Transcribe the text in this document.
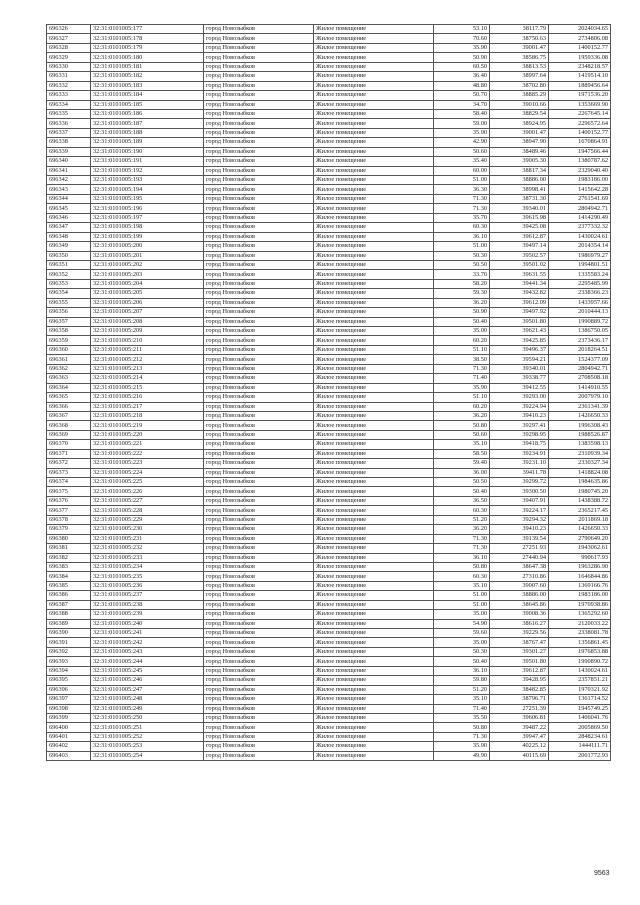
696326	32:31:0101005:177	город Новозыбков	Жилое помещение	53.10	38117.79	2024034.65
696327	32:31:0101005:178	город Новозыбков	Жилое помещение	70.60	38750.63	2734806.08
696328	32:31:0101005:179	город Новозыбков	Жилое помещение	35.90	39001.47	1400152.77
696329	32:31:0101005:180	город Новозыбков	Жилое помещение	50.90	38586.75	1959336.08
696330	32:31:0101005:181	город Новозыбков	Жилое помещение	60.50	38813.53	2348218.57
696331	32:31:0101005:182	город Новозыбков	Жилое помещение	36.40	38997.64	1419514.10
696332	32:31:0101005:183	город Новозыбков	Жилое помещение	48.80	38702.80	1889456.64
696333	32:31:0101005:184	город Новозыбков	Жилое помещение	50.70	38885.29	1971536.20
696334	32:31:0101005:185	город Новозыбков	Жилое помещение	34.70	39010.66	1353669.90
696335	32:31:0101005:186	город Новозыбков	Жилое помещение	58.40	38829.54	2267645.14
696336	32:31:0101005:187	город Новозыбков	Жилое помещение	59.00	38924.95	2296572.64
696337	32:31:0101005:188	город Новозыбков	Жилое помещение	35.90	39001.47	1400152.77
696338	32:31:0101005:189	город Новозыбков	Жилое помещение	42.90	38947.90	1670864.91
696339	32:31:0101005:190	город Новозыбков	Жилое помещение	50.60	38489.46	1947566.44
696340	32:31:0101005:191	город Новозыбков	Жилое помещение	35.40	39005.30	1380787.62
696341	32:31:0101005:192	город Новозыбков	Жилое помещение	60.00	38817.34	2329040.40
696342	32:31:0101005:193	город Новозыбков	Жилое помещение	51.00	38886.00	1983186.00
696343	32:31:0101005:194	город Новозыбков	Жилое помещение	36.30	38998.41	1415642.28
696344	32:31:0101005:195	город Новозыбков	Жилое помещение	71.30	38731.30	2761541.69
696345	32:31:0101005:196	город Новозыбков	Жилое помещение	71.30	39340.01	2804942.71
696346	32:31:0101005:197	город Новозыбков	Жилое помещение	35.70	39615.98	1414290.49
696347	32:31:0101005:198	город Новозыбков	Жилое помещение	60.30	39425.08	2377332.32
696348	32:31:0101005:199	город Новозыбков	Жилое помещение	36.10	39612.87	1430024.61
696349	32:31:0101005:200	город Новозыбков	Жилое помещение	51.00	39497.14	2014354.14
696350	32:31:0101005:201	город Новозыбков	Жилое помещение	50.30	39502.57	1986979.27
696351	32:31:0101005:202	город Новозыбков	Жилое помещение	50.50	39501.02	1994801.51
696352	32:31:0101005:203	город Новозыбков	Жилое помещение	33.70	39631.55	1335583.24
696353	32:31:0101005:204	город Новозыбков	Жилое помещение	58.20	39441.34	2295485.99
696354	32:31:0101005:205	город Новозыбков	Жилое помещение	59.30	39432.82	2338366.23
696355	32:31:0101005:206	город Новозыбков	Жилое помещение	36.20	39612.09	1433957.66
696356	32:31:0101005:207	город Новозыбков	Жилое помещение	50.90	39497.92	2010444.13
696357	32:31:0101005:208	город Новозыбков	Жилое помещение	50.40	39501.80	1990889.72
696358	32:31:0101005:209	город Новозыбков	Жилое помещение	35.00	39621.43	1386750.05
696359	32:31:0101005:210	город Новозыбков	Жилое помещение	60.20	39425.85	2373436.17
696360	32:31:0101005:211	город Новозыбков	Жилое помещение	51.10	39496.37	2018264.51
696361	32:31:0101005:212	город Новозыбков	Жилое помещение	38.50	39594.21	1524377.09
696362	32:31:0101005:213	город Новозыбков	Жилое помещение	71.30	39340.01	2804942.71
696363	32:31:0101005:214	город Новозыбков	Жилое помещение	71.40	39338.77	2708508.18
696364	32:31:0101005:215	город Новозыбков	Жилое помещение	35.90	39412.55	1414910.55
696365	32:31:0101005:216	город Новозыбков	Жилое помещение	51.10	39293.00	2007979.10
696366	32:31:0101005:217	город Новозыбков	Жилое помещение	60.20	39224.94	2361341.39
696367	32:31:0101005:218	город Новозыбков	Жилое помещение	36.20	39410.23	1426650.33
696368	32:31:0101005:219	город Новозыбков	Жилое помещение	50.80	39297.41	1996308.43
696369	32:31:0101005:220	город Новозыбков	Жилое помещение	50.60	39298.95	1988526.87
696370	32:31:0101005:221	город Новозыбков	Жилое помещение	35.10	39418.75	1383598.13
696371	32:31:0101005:222	город Новозыбков	Жилое помещение	58.50	39234.91	2310939.34
696372	32:31:0101005:223	город Новозыбков	Жилое помещение	59.40	39231.10	2330327.34
696373	32:31:0101005:224	город Новозыбков	Жилое помещение	36.00	39411.78	1418824.08
696374	32:31:0101005:225	город Новозыбков	Жилое помещение	50.50	39299.72	1984635.86
696375	32:31:0101005:226	город Новозыбков	Жилое помещение	50.40	39300.50	1980745.20
696376	32:31:0101005:227	город Новозыбков	Жилое помещение	36.50	39407.91	1438388.72
696377	32:31:0101005:228	город Новозыбков	Жилое помещение	60.30	39224.17	2365217.45
696378	32:31:0101005:229	город Новозыбков	Жилое помещение	51.20	39294.32	2011869.18
696379	32:31:0101005:230	город Новозыбков	Жилое помещение	36.20	39410.23	1426650.33
696380	32:31:0101005:231	город Новозыбков	Жилое помещение	71.30	39139.54	2790649.20
696381	32:31:0101005:232	город Новозыбков	Жилое помещение	71.30	27251.93	1943062.61
696382	32:31:0101005:233	город Новозыбков	Жилое помещение	36.10	27440.94	990617.93
696383	32:31:0101005:234	город Новозыбков	Жилое помещение	50.80	38647.38	1963286.90
696384	32:31:0101005:235	город Новозыбков	Жилое помещение	60.30	27310.86	1646844.86
696385	32:31:0101005:236	город Новозыбков	Жилое помещение	35.10	39007.60	1369166.76
696386	32:31:0101005:237	город Новозыбков	Жилое помещение	51.00	38886.00	1983186.00
696387	32:31:0101005:238	город Новозыбков	Жилое помещение	51.00	38645.86	1970938.86
696388	32:31:0101005:239	город Новозыбков	Жилое помещение	35.00	39008.36	1365292.60
696389	32:31:0101005:240	город Новозыбков	Жилое помещение	54.90	38616.27	2120033.22
696390	32:31:0101005:241	город Новозыбков	Жилое помещение	59.60	39229.56	2338081.78
696391	32:31:0101005:242	город Новозыбков	Жилое помещение	35.00	38767.47	1356861.45
696392	32:31:0101005:243	город Новозыбков	Жилое помещение	50.30	39301.27	1976853.88
696393	32:31:0101005:244	город Новозыбков	Жилое помещение	50.40	39501.80	1990890.72
696394	32:31:0101005:245	город Новозыбков	Жилое помещение	36.10	39612.87	1430024.61
696395	32:31:0101005:246	город Новозыбков	Жилое помещение	59.80	39428.95	2357851.21
696396	32:31:0101005:247	город Новозыбков	Жилое помещение	51.20	38482.85	1970321.92
696397	32:31:0101005:248	город Новозыбков	Жилое помещение	35.10	38796.71	1361714.52
696398	32:31:0101005:249	город Новозыбков	Жилое помещение	71.40	27251.39	1945749.25
696399	32:31:0101005:250	город Новозыбков	Жилое помещение	35.50	39606.81	1406041.76
696400	32:31:0101005:251	город Новозыбков	Жилое помещение	50.80	39487.22	2005869.50
696401	32:31:0101005:252	город Новозыбков	Жилое помещение	71.30	39947.47	2848234.61
696402	32:31:0101005:253	город Новозыбков	Жилое помещение	35.90	40225.12	1444111.71
696403	32:31:0101005:254	город Новозыбков	Жилое помещение	49.90	40115.69	2001772.93
9563
